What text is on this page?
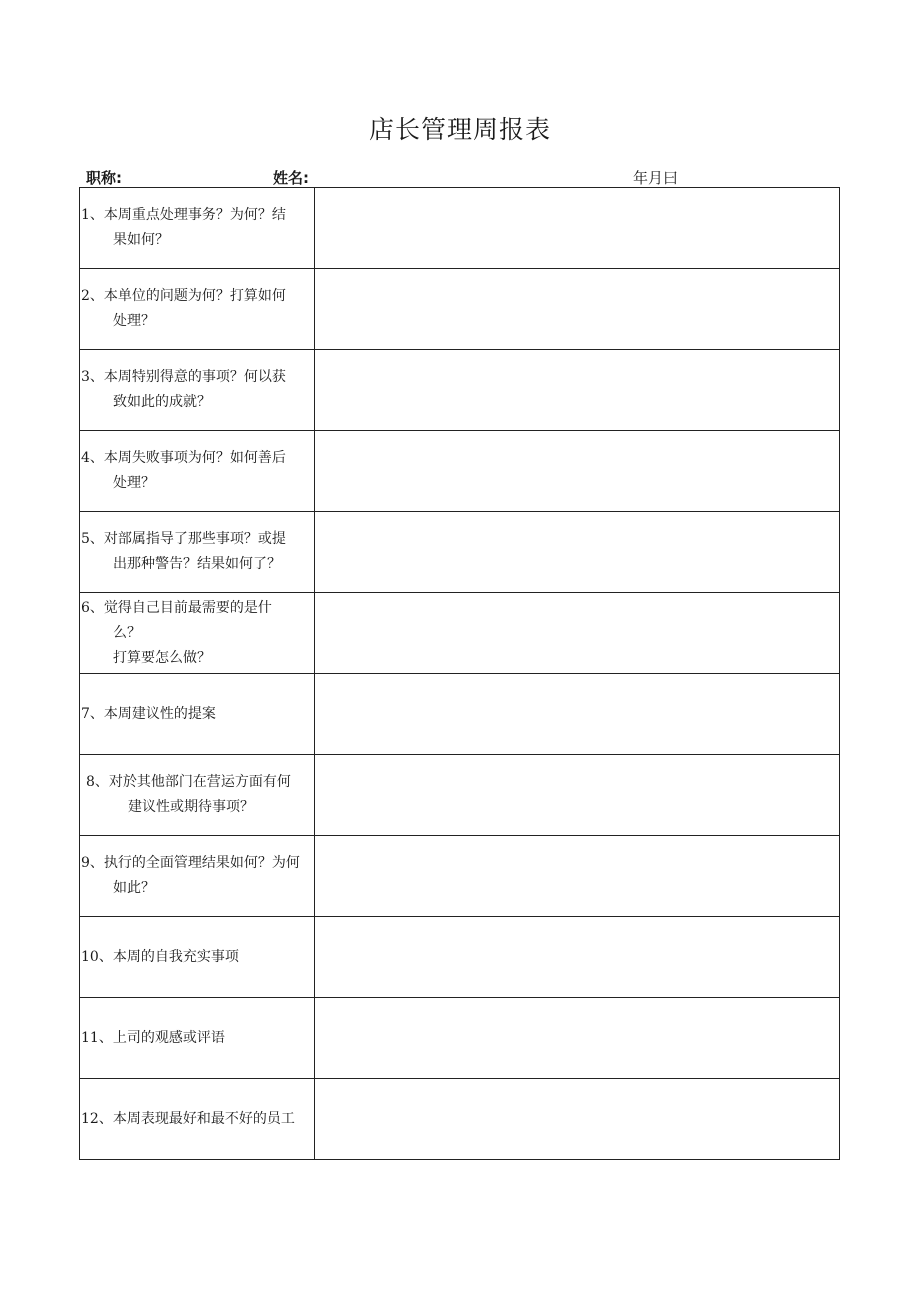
店长管理周报表
职称:	姓名:	年月曰
1、本周重点处理事务？为何？结
果如何？	

2、本单位的问题为何？打算如何
处理？	

3、本周特别得意的事项？何以获
致如此的成就？	

4、本周失败事项为何？如何善后
处理？	

5、对部属指导了那些事项？或提
出那种警告？结果如何了？	

6、觉得自己目前最需要的是什
么？
打算要怎么做？	

7、本周建议性的提案	

8、对於其他部门在营运方面有何
建议性或期待事项？	

9、执行的全面管理结果如何？为何
如此？	

10、本周的自我充实事项	

11、上司的观感或评语	

12、本周表现最好和最不好的员工	
